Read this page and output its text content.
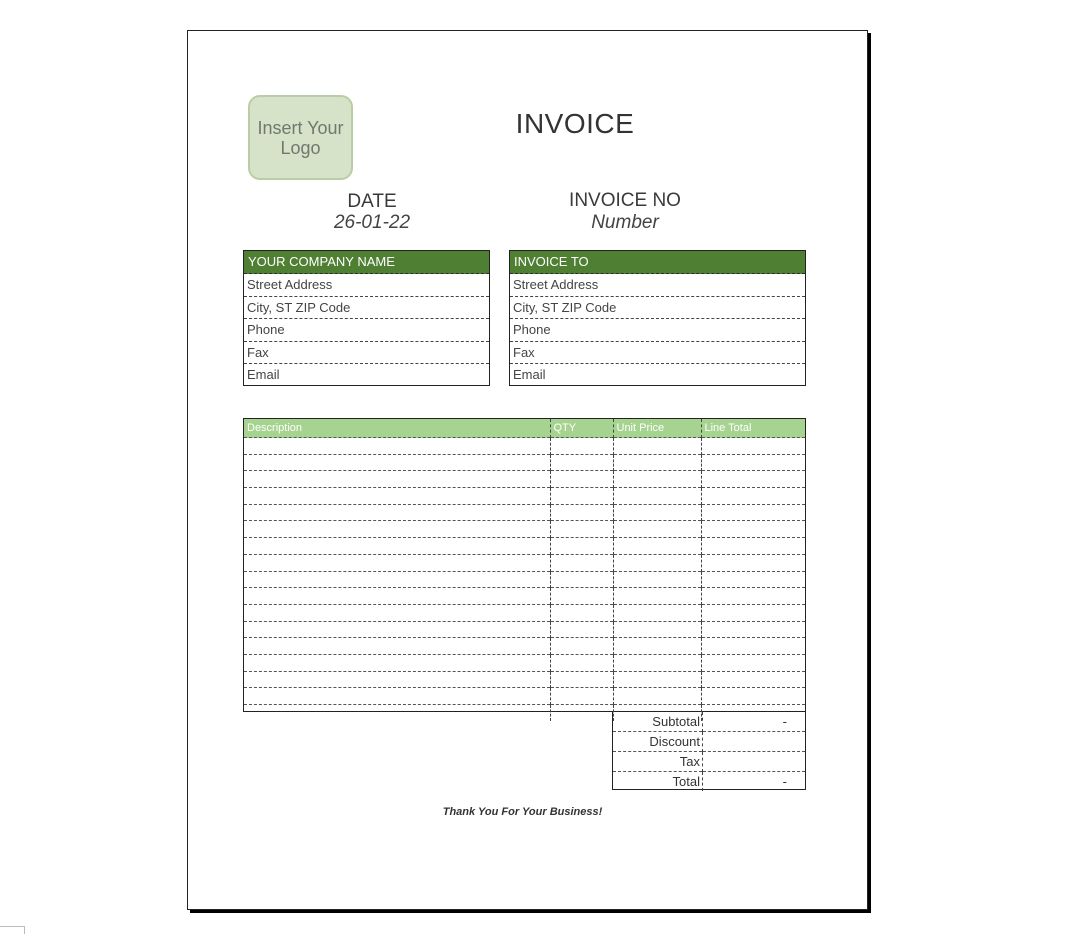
Insert Your
Logo
INVOICE
DATE
26-01-22
INVOICE NO
Number
YOUR COMPANY NAME
Street Address
City, ST ZIP Code
Phone
Fax
Email
INVOICE TO
Street Address
City, ST ZIP Code
Phone
Fax
Email
Description	QTY	Unit Price	Line Total

Subtotal	-
Discount	
Tax	
Total	-
Thank You For Your Business!
